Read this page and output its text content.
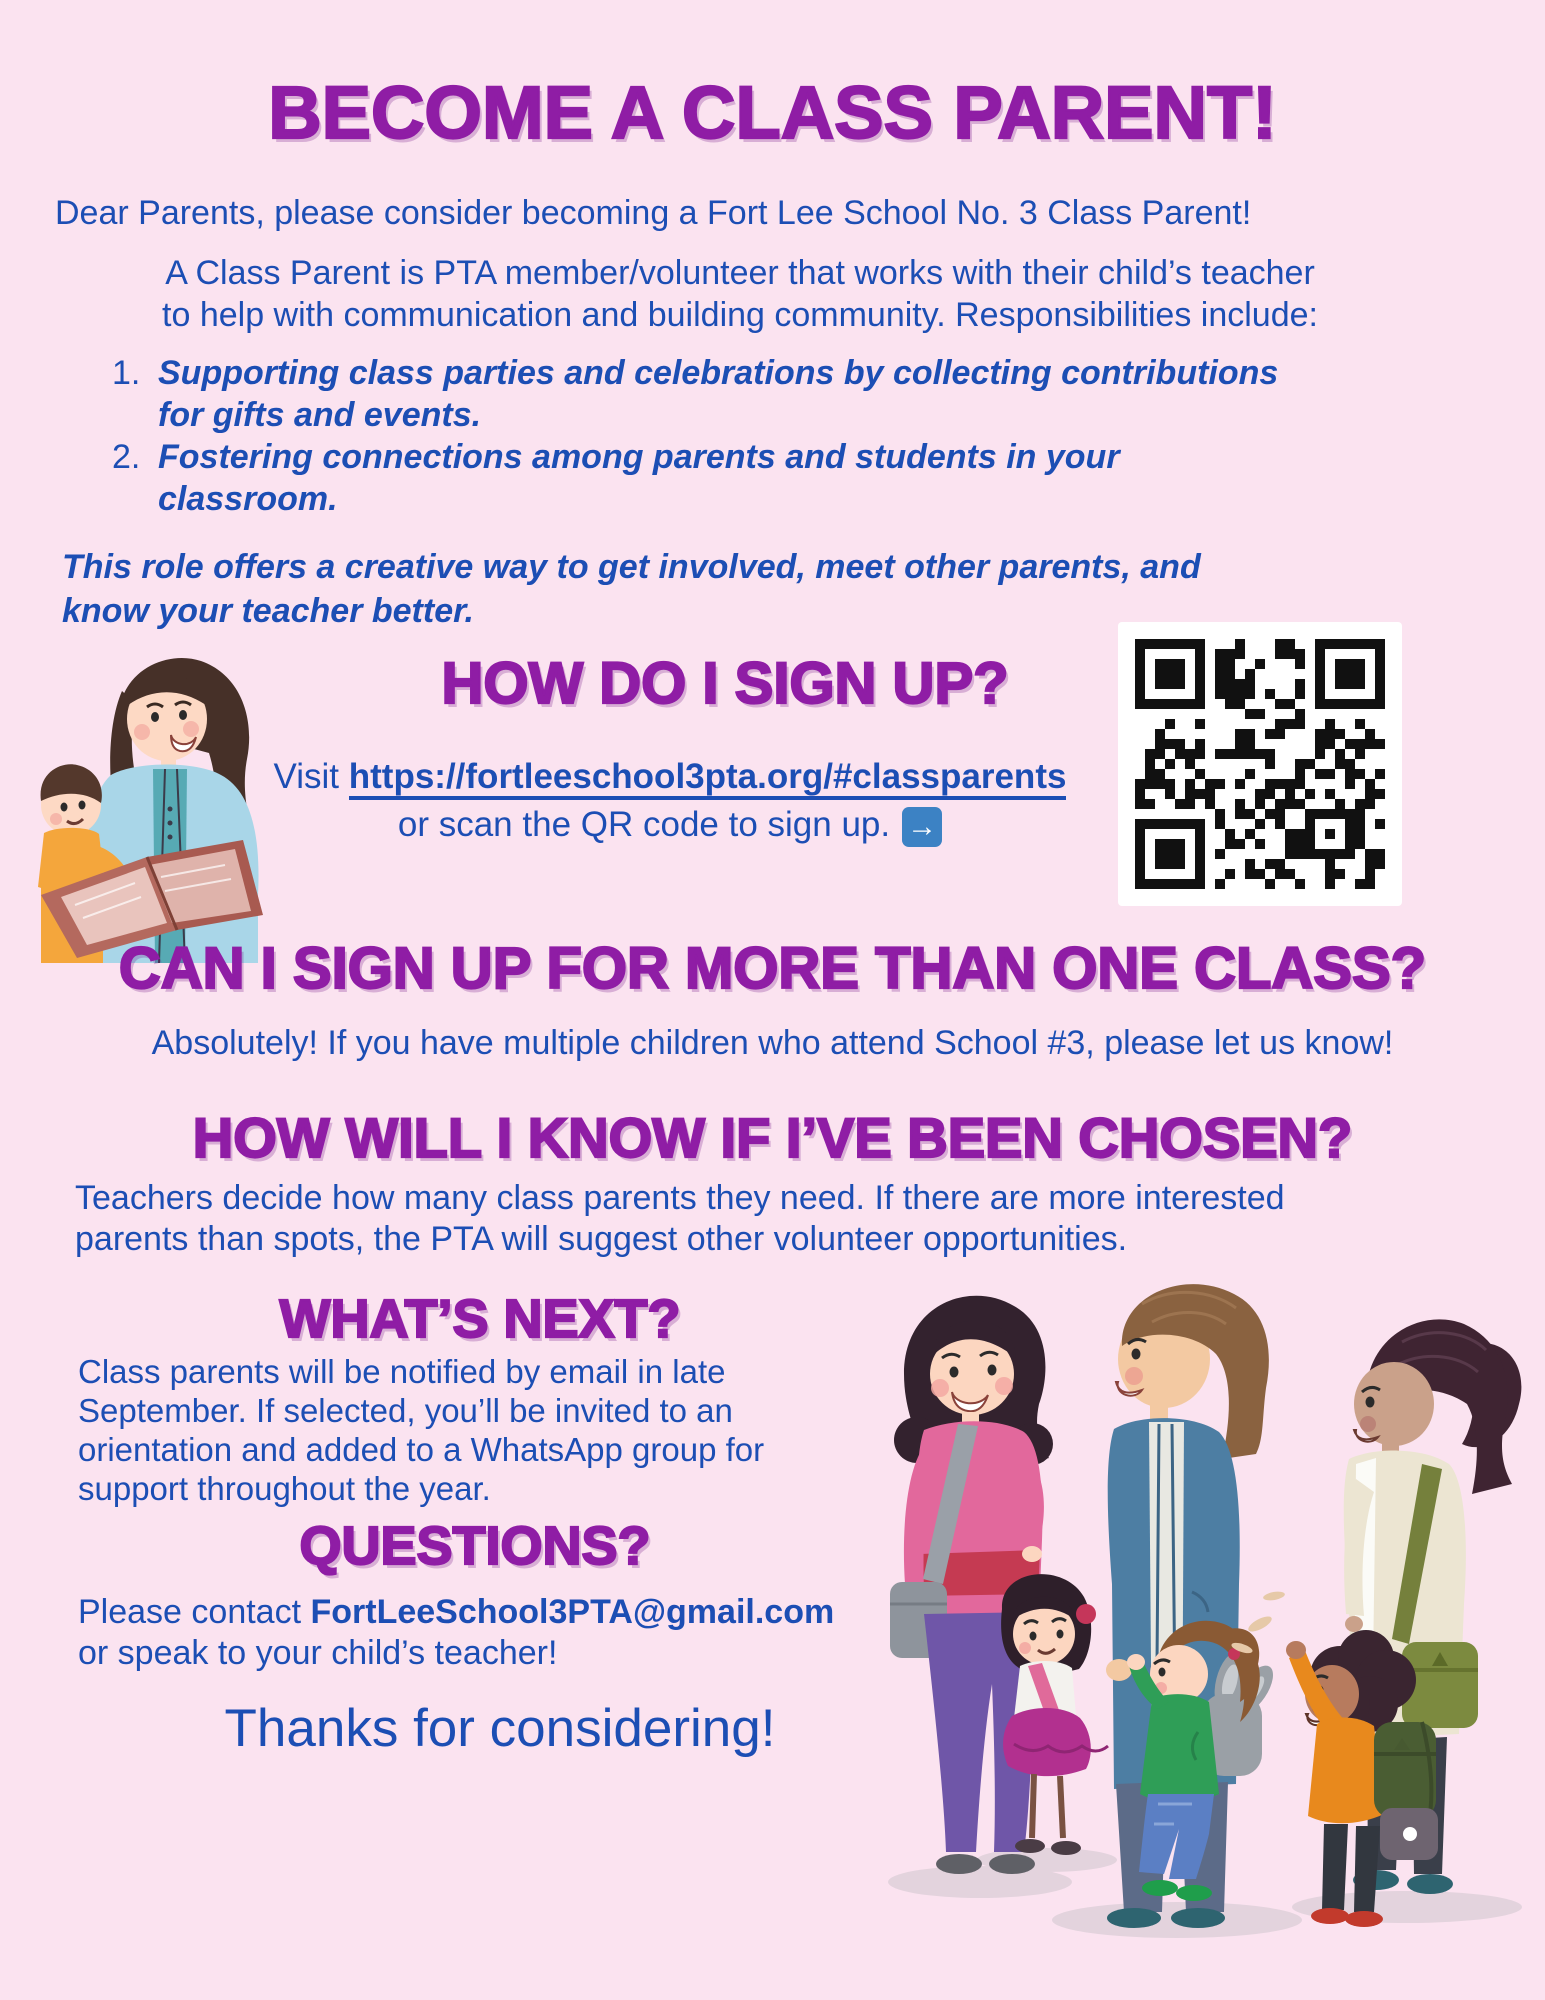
BECOME A CLASS PARENT!
Dear Parents, please consider becoming a Fort Lee School No. 3 Class Parent!
A Class Parent is PTA member/volunteer that works with their child’s teacher
to help with communication and building community. Responsibilities include:
1. Supporting class parties and celebrations by collecting contributions
for gifts and events.
2. Fostering connections among parents and students in your
classroom.
This role offers a creative way to get involved, meet other parents, and
know your teacher better.
HOW DO I SIGN UP?
Visit https://fortleeschool3pta.org/#classparents
or scan the QR code to sign up. →
CAN I SIGN UP FOR MORE THAN ONE CLASS?
Absolutely! If you have multiple children who attend School #3, please let us know!
HOW WILL I KNOW IF I’VE BEEN CHOSEN?
Teachers decide how many class parents they need. If there are more interested
parents than spots, the PTA will suggest other volunteer opportunities.
WHAT’S NEXT?
Class parents will be notified by email in late
September. If selected, you’ll be invited to an
orientation and added to a WhatsApp group for
support throughout the year.
QUESTIONS?
Please contact FortLeeSchool3PTA@gmail.com
or speak to your child’s teacher!
Thanks for considering!
